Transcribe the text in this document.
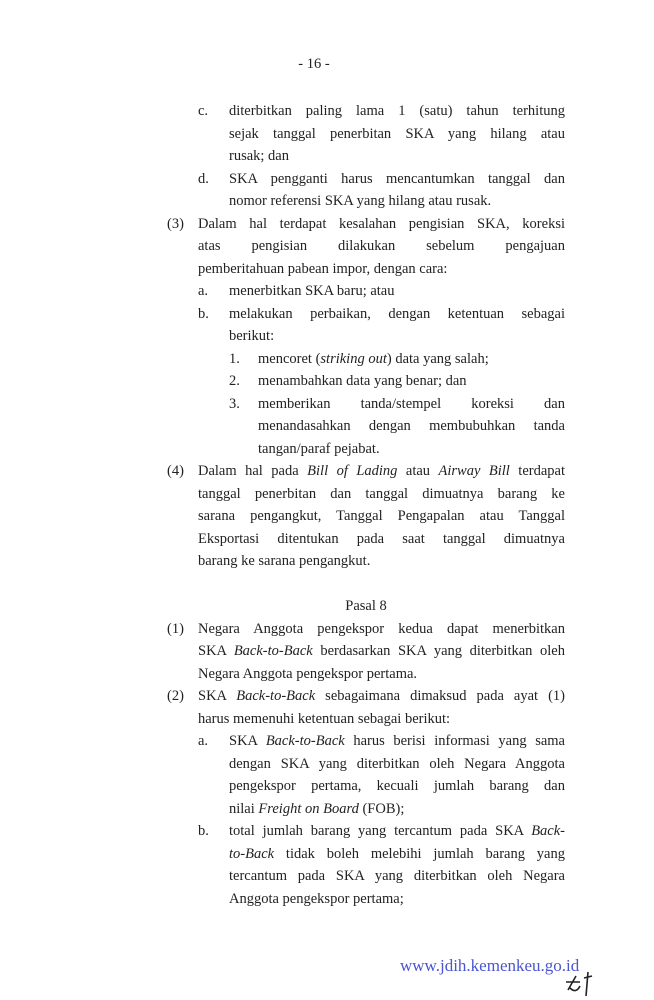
- 16 -
c. diterbitkan paling lama 1 (satu) tahun terhitung
sejak tanggal penerbitan SKA yang hilang atau
rusak; dan
d. SKA pengganti harus mencantumkan tanggal dan
nomor referensi SKA yang hilang atau rusak.
(3) Dalam hal terdapat kesalahan pengisian SKA, koreksi
atas pengisian dilakukan sebelum pengajuan
pemberitahuan pabean impor, dengan cara:
a. menerbitkan SKA baru; atau
b. melakukan perbaikan, dengan ketentuan sebagai
berikut:
1. mencoret (striking out) data yang salah;
2. menambahkan data yang benar; dan
3. memberikan tanda/stempel koreksi dan
menandasahkan dengan membubuhkan tanda
tangan/paraf pejabat.
(4) Dalam hal pada Bill of Lading atau Airway Bill terdapat
tanggal penerbitan dan tanggal dimuatnya barang ke
sarana pengangkut, Tanggal Pengapalan atau Tanggal
Eksportasi ditentukan pada saat tanggal dimuatnya
barang ke sarana pengangkut.
Pasal 8
(1) Negara Anggota pengekspor kedua dapat menerbitkan
SKA Back-to-Back berdasarkan SKA yang diterbitkan oleh
Negara Anggota pengekspor pertama.
(2) SKA Back-to-Back sebagaimana dimaksud pada ayat (1)
harus memenuhi ketentuan sebagai berikut:
a. SKA Back-to-Back harus berisi informasi yang sama
dengan SKA yang diterbitkan oleh Negara Anggota
pengekspor pertama, kecuali jumlah barang dan
nilai Freight on Board (FOB);
b. total jumlah barang yang tercantum pada SKA Back-
to-Back tidak boleh melebihi jumlah barang yang
tercantum pada SKA yang diterbitkan oleh Negara
Anggota pengekspor pertama;
www.jdih.kemenkeu.go.id
